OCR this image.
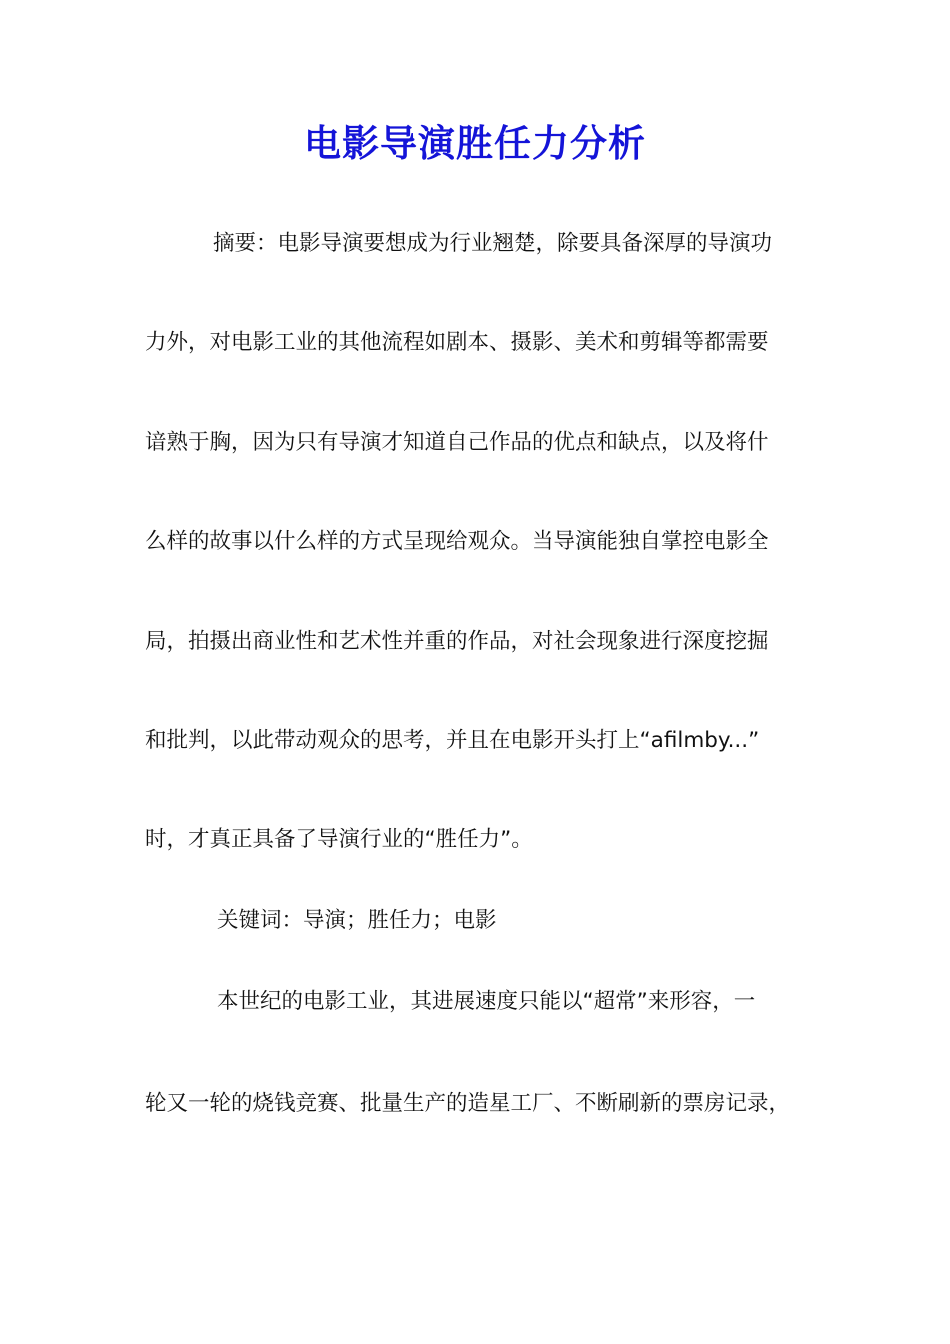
电影导演胜任力分析
摘要：电影导演要想成为行业翘楚，除要具备深厚的导演功
力外，对电影工业的其他流程如剧本、摄影、美术和剪辑等都需要
谙熟于胸，因为只有导演才知道自己作品的优点和缺点，以及将什
么样的故事以什么样的方式呈现给观众。当导演能独自掌控电影全
局，拍摄出商业性和艺术性并重的作品，对社会现象进行深度挖掘
和批判，以此带动观众的思考，并且在电影开头打上“afilmby...”
时，才真正具备了导演行业的“胜任力”。
关键词：导演；胜任力；电影
本世纪的电影工业，其进展速度只能以“超常”来形容，一
轮又一轮的烧钱竞赛、批量生产的造星工厂、不断刷新的票房记录，
